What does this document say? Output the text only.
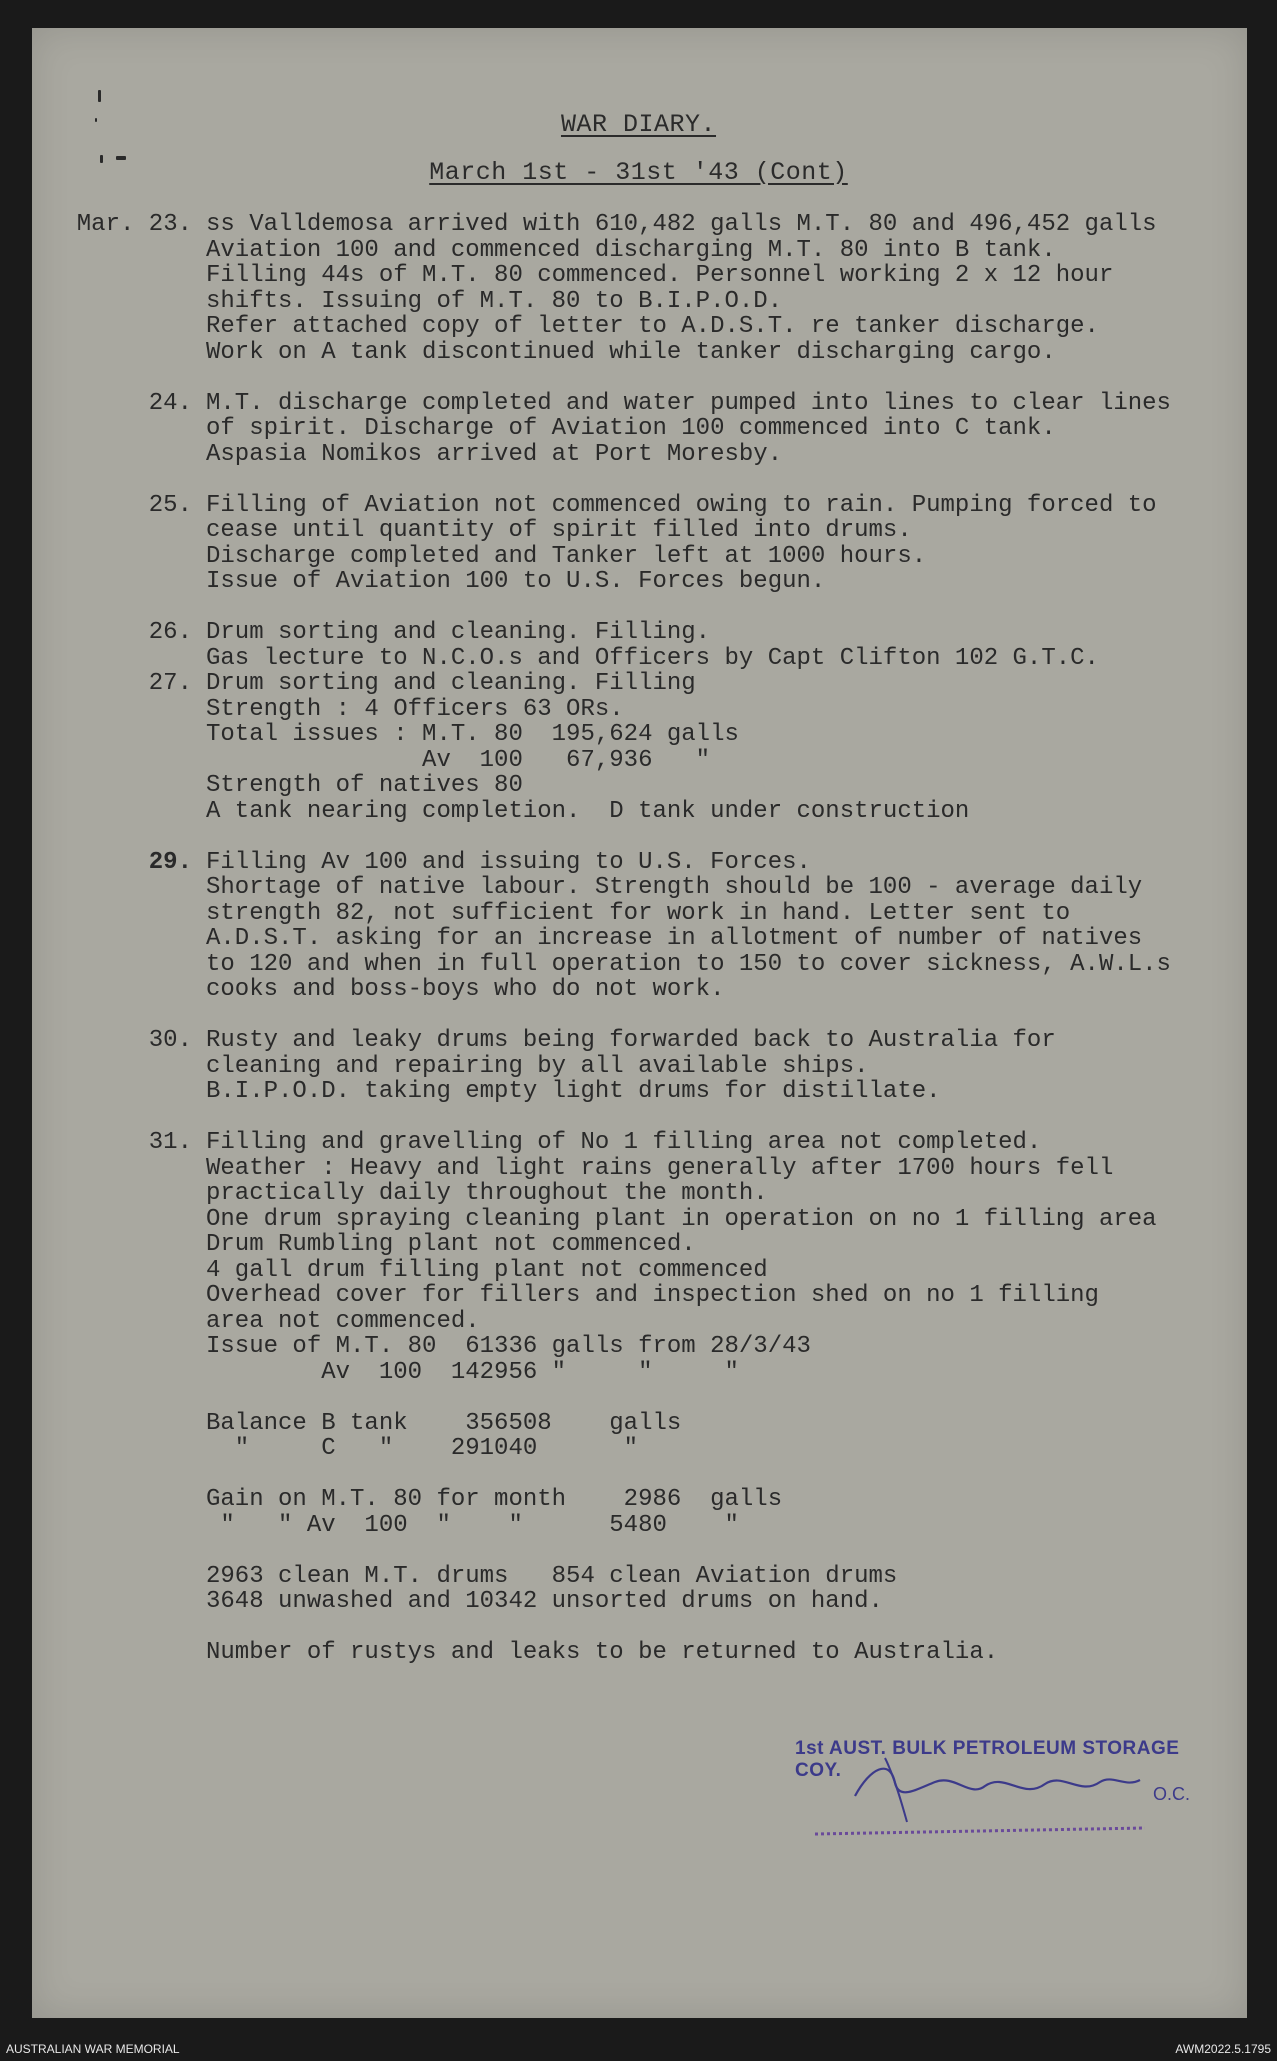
WAR DIARY.
March 1st - 31st '43 (Cont)
Mar. 23. ss Valldemosa arrived with 610,482 galls M.T. 80 and 496,452 galls
Aviation 100 and commenced discharging M.T. 80 into B tank.
Filling 44s of M.T. 80 commenced. Personnel working 2 x 12 hour
shifts. Issuing of M.T. 80 to B.I.P.O.D.
Refer attached copy of letter to A.D.S.T. re tanker discharge.
Work on A tank discontinued while tanker discharging cargo.
24. M.T. discharge completed and water pumped into lines to clear lines
of spirit. Discharge of Aviation 100 commenced into C tank.
Aspasia Nomikos arrived at Port Moresby.
25. Filling of Aviation not commenced owing to rain. Pumping forced to
cease until quantity of spirit filled into drums.
Discharge completed and Tanker left at 1000 hours.
Issue of Aviation 100 to U.S. Forces begun.
26. Drum sorting and cleaning. Filling.
Gas lecture to N.C.O.s and Officers by Capt Clifton 102 G.T.C.
27. Drum sorting and cleaning. Filling
Strength : 4 Officers 63 ORs.
Total issues : M.T. 80  195,624 galls
Av  100   67,936   "
Strength of natives 80
A tank nearing completion.  D tank under construction
29. Filling Av 100 and issuing to U.S. Forces.
Shortage of native labour. Strength should be 100 - average daily
strength 82, not sufficient for work in hand. Letter sent to
A.D.S.T. asking for an increase in allotment of number of natives
to 120 and when in full operation to 150 to cover sickness, A.W.L.s
cooks and boss-boys who do not work.
30. Rusty and leaky drums being forwarded back to Australia for
cleaning and repairing by all available ships.
B.I.P.O.D. taking empty light drums for distillate.
31. Filling and gravelling of No 1 filling area not completed.
Weather : Heavy and light rains generally after 1700 hours fell
practically daily throughout the month.
One drum spraying cleaning plant in operation on no 1 filling area
Drum Rumbling plant not commenced.
4 gall drum filling plant not commenced
Overhead cover for fillers and inspection shed on no 1 filling
area not commenced.
Issue of M.T. 80  61336 galls from 28/3/43
Av  100  142956 "     "     "
Balance B tank    356508    galls
"     C   "    291040      "
Gain on M.T. 80 for month    2986  galls
"   " Av  100  "    "      5480    "
2963 clean M.T. drums   854 clean Aviation drums
3648 unwashed and 10342 unsorted drums on hand.
Number of rustys and leaks to be returned to Australia.
1st AUST. BULK PETROLEUM STORAGE COY.
O.C.
AUSTRALIAN WAR MEMORIAL	AWM2022.5.1795
